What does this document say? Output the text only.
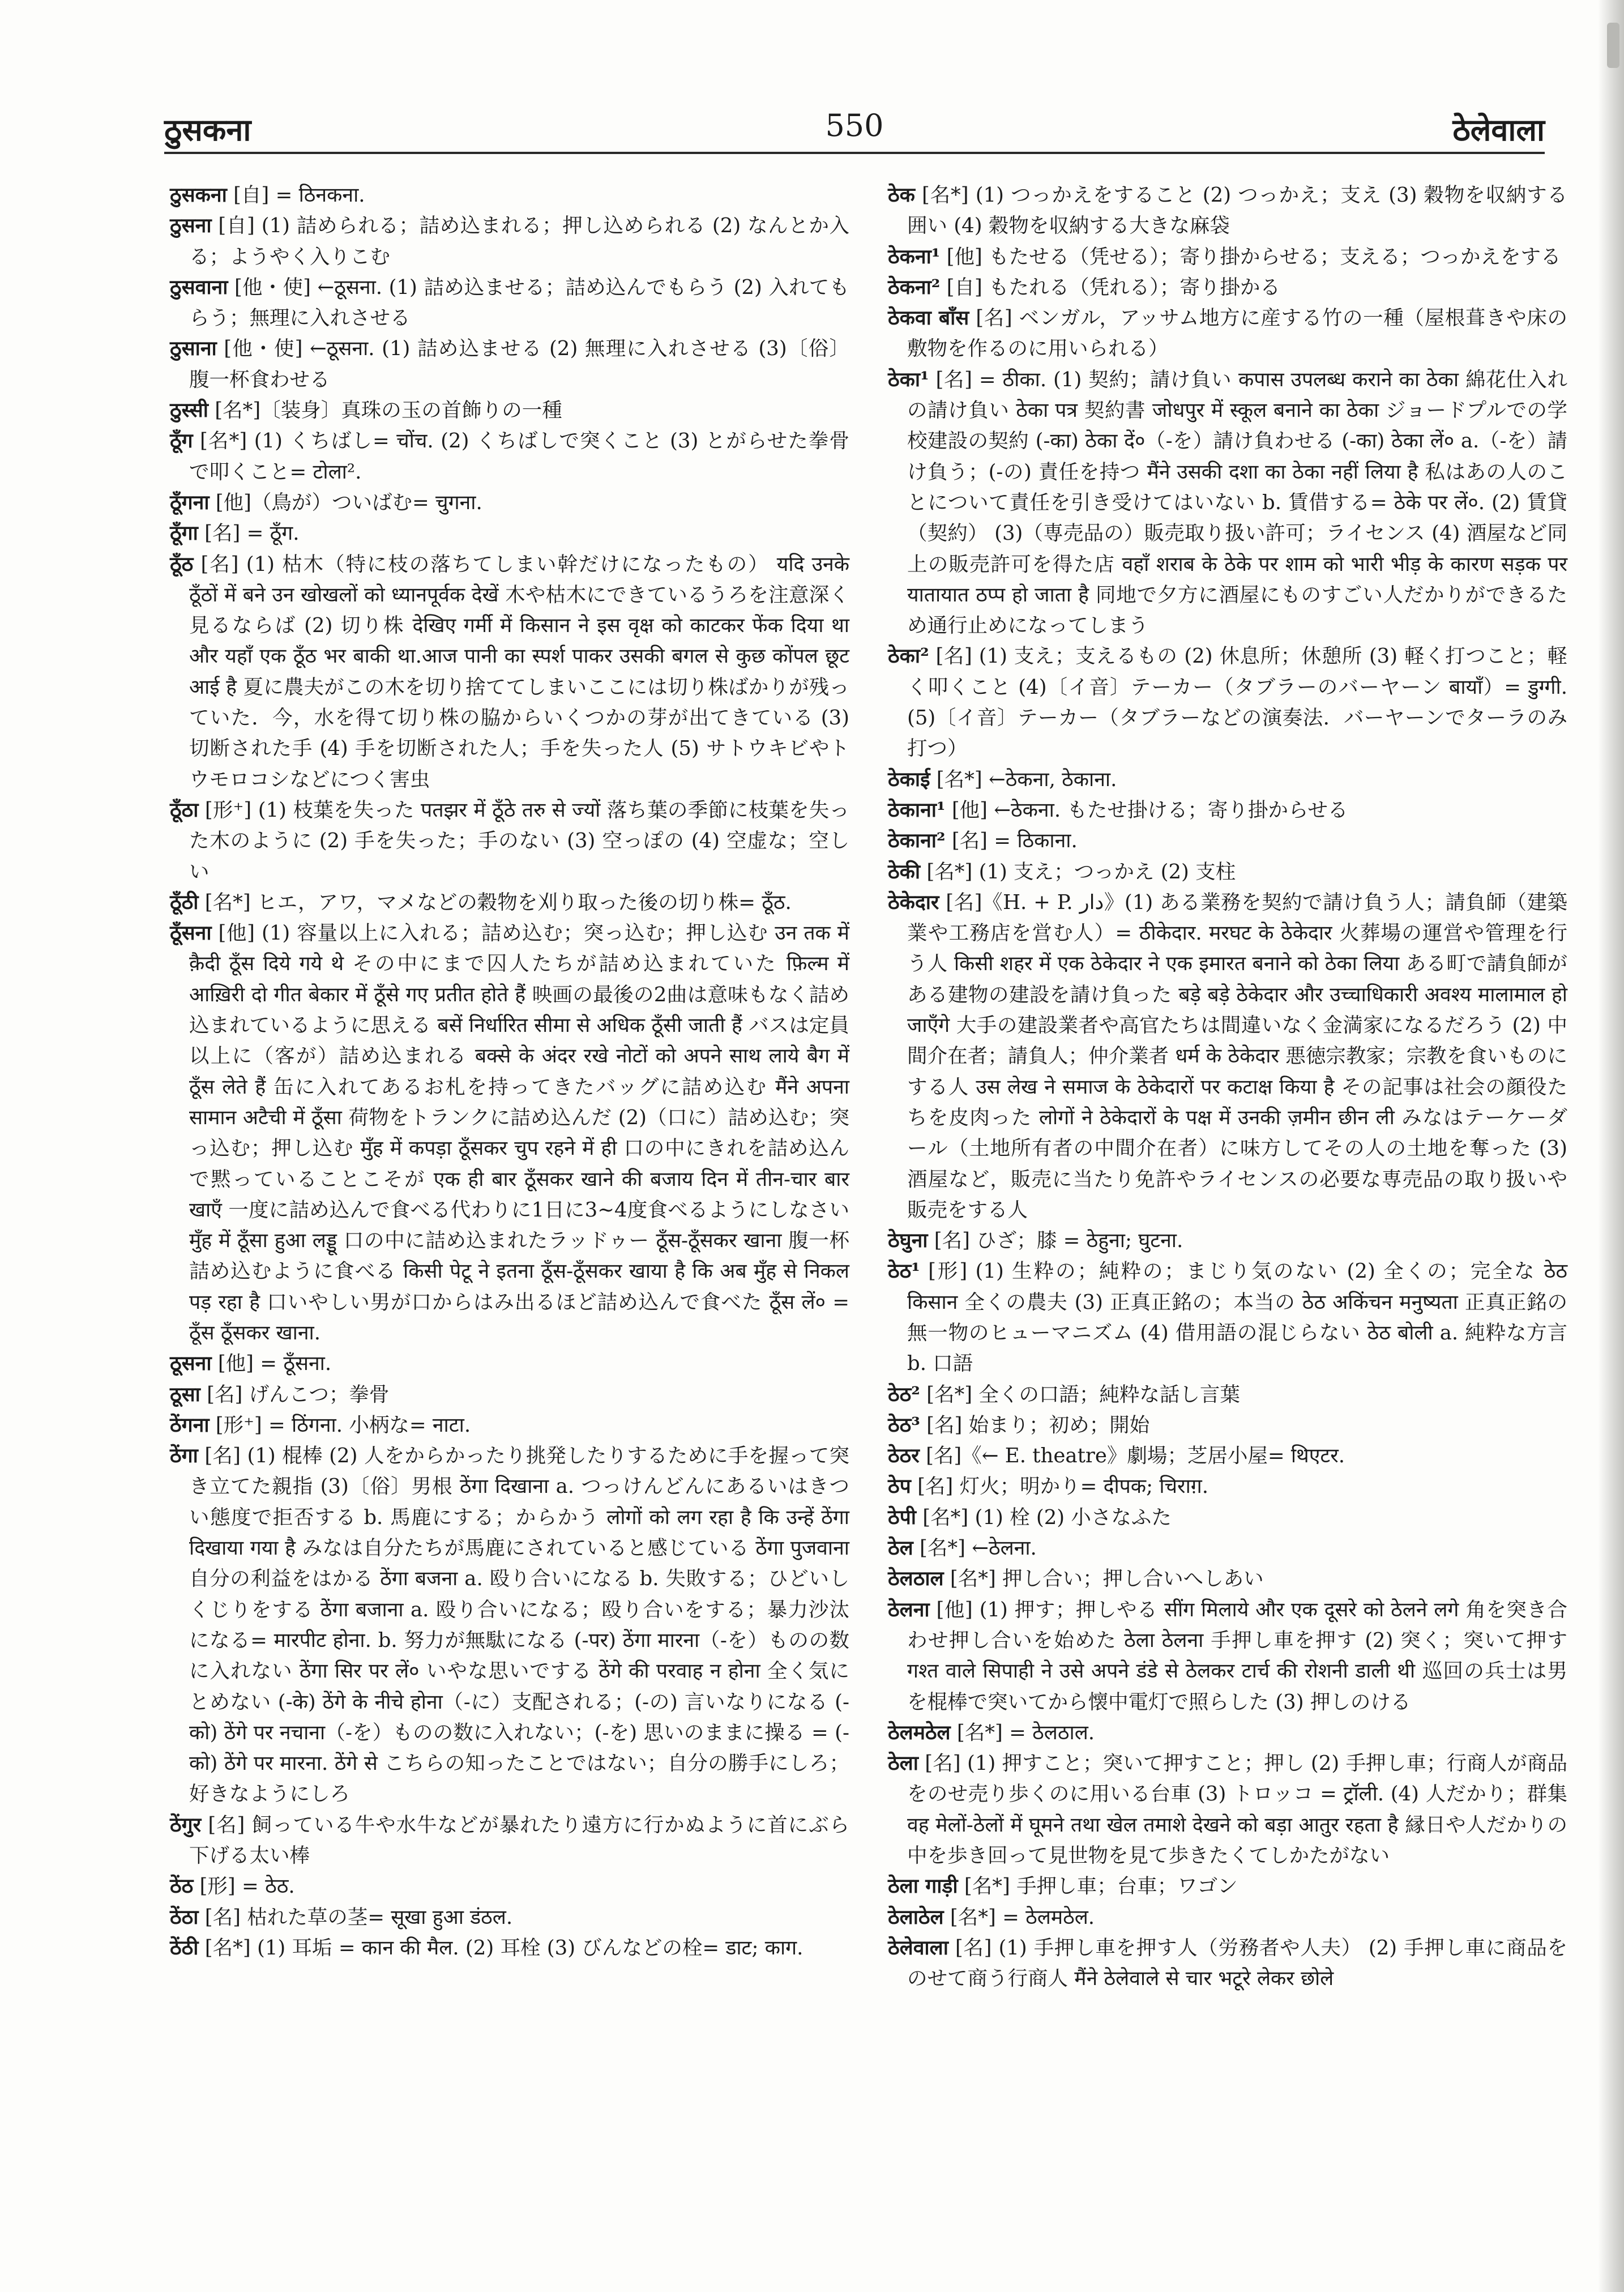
ठुसकना	550	ठेलेवाला

ठुसकना [自] = ठिनकना.

ठुसना [自] (1) 詰められる；詰め込まれる；押し込められる (2) なんとか入る；ようやく入りこむ

ठुसवाना [他・使] ←ठूसना. (1) 詰め込ませる；詰め込んでもらう (2) 入れてもらう；無理に入れさせる

ठुसाना [他・使] ←ठूसना. (1) 詰め込ませる (2) 無理に入れさせる (3)〔俗〕腹一杯食わせる

ठुस्सी [名*]〔装身〕真珠の玉の首飾りの一種

ठूँग [名*] (1) くちばし= चोंच. (2) くちばしで突くこと (3) とがらせた拳骨で叩くこと= टोला².

ठूँगना [他]（鳥が）ついばむ= चुगना.

ठूँगा [名] = ठूँग.

ठूँठ [名] (1) 枯木（特に枝の落ちてしまい幹だけになったもの） यदि उनके ठूँठों में बने उन खोखलों को ध्यानपूर्वक देखें 木や枯木にできているうろを注意深く見るならば (2) 切り株 देखिए गर्मी में किसान ने इस वृक्ष को काटकर फेंक दिया था और यहाँ एक ठूँठ भर बाकी था.आज पानी का स्पर्श पाकर उसकी बगल से कुछ कोंपल छूट आई है 夏に農夫がこの木を切り捨ててしまいここには切り株ばかりが残っていた．今，水を得て切り株の脇からいくつかの芽が出てきている (3) 切断された手 (4) 手を切断された人；手を失った人 (5) サトウキビやトウモロコシなどにつく害虫

ठूँठा [形⁺] (1) 枝葉を失った पतझर में ठूँठे तरु से ज्यों 落ち葉の季節に枝葉を失った木のように (2) 手を失った；手のない (3) 空っぽの (4) 空虚な；空しい

ठूँठी [名*] ヒエ，アワ，マメなどの穀物を刈り取った後の切り株= ठूँठ.

ठूँसना [他] (1) 容量以上に入れる；詰め込む；突っ込む；押し込む उन तक में क़ैदी ठूँस दिये गये थे その中にまで囚人たちが詰め込まれていた फ़िल्म में आख़िरी दो गीत बेकार में ठूँसे गए प्रतीत होते हैं 映画の最後の2曲は意味もなく詰め込まれているように思える बसें निर्धारित सीमा से अधिक ठूँसी जाती हैं バスは定員以上に（客が）詰め込まれる बक्से के अंदर रखे नोटों को अपने साथ लाये बैग में ठूँस लेते हैं 缶に入れてあるお札を持ってきたバッグに詰め込む मैंने अपना सामान अटैची में ठूँसा 荷物をトランクに詰め込んだ (2)（口に）詰め込む；突っ込む；押し込む मुँह में कपड़ा ठूँसकर चुप रहने में ही 口の中にきれを詰め込んで黙っていることこそが एक ही बार ठूँसकर खाने की बजाय दिन में तीन-चार बार खाएँ 一度に詰め込んで食べる代わりに1日に3~4度食べるようにしなさい मुँह में ठूँसा हुआ लड्डू 口の中に詰め込まれたラッドゥー ठूँस-ठूँसकर खाना 腹一杯詰め込むように食べる किसी पेटू ने इतना ठूँस-ठूँसकर खाया है कि अब मुँह से निकल पड़ रहा है 口いやしい男が口からはみ出るほど詰め込んで食べた ठूँस लें० = ठूँस ठूँसकर खाना.

ठूसना [他] = ठूँसना.

ठूसा [名] げんこつ；拳骨

ठेंगना [形⁺] = ठिंगना. 小柄な= नाटा.

ठेंगा [名] (1) 棍棒 (2) 人をからかったり挑発したりするために手を握って突き立てた親指 (3)〔俗〕男根 ठेंगा दिखाना a. つっけんどんにあるいはきつい態度で拒否する b. 馬鹿にする；からかう लोगों को लग रहा है कि उन्हें ठेंगा दिखाया गया है みなは自分たちが馬鹿にされていると感じている ठेंगा पुजवाना 自分の利益をはかる ठेंगा बजना a. 殴り合いになる b. 失敗する；ひどいしくじりをする ठेंगा बजाना a. 殴り合いになる；殴り合いをする；暴力沙汰になる= मारपीट होना. b. 努力が無駄になる (-पर) ठेंगा मारना（-を）ものの数に入れない ठेंगा सिर पर लें० いやな思いでする ठेंगे की परवाह न होना 全く気にとめない (-के) ठेंगे के नीचे होना（-に）支配される；(-の) 言いなりになる (-को) ठेंगे पर नचाना（-を）ものの数に入れない；(-を) 思いのままに操る = (-को) ठेंगे पर मारना. ठेंगे से こちらの知ったことではない；自分の勝手にしろ；好きなようにしろ

ठेंगुर [名] 飼っている牛や水牛などが暴れたり遠方に行かぬように首にぶら下げる太い棒

ठेंठ [形] = ठेठ.

ठेंठा [名] 枯れた草の茎= सूखा हुआ डंठल.

ठेंठी [名*] (1) 耳垢 = कान की मैल. (2) 耳栓 (3) びんなどの栓= डाट; काग.

ठेक [名*] (1) つっかえをすること (2) つっかえ；支え (3) 穀物を収納する囲い (4) 穀物を収納する大きな麻袋

ठेकना¹ [他] もたせる（凭せる）；寄り掛からせる；支える；つっかえをする

ठेकना² [自] もたれる（凭れる）；寄り掛かる

ठेकवा बाँस [名] ベンガル，アッサム地方に産する竹の一種（屋根葺きや床の敷物を作るのに用いられる）

ठेका¹ [名] = ठीका. (1) 契約；請け負い कपास उपलब्ध कराने का ठेका 綿花仕入れの請け負い ठेका पत्र 契約書 जोधपुर में स्कूल बनाने का ठेका ジョードプルでの学校建設の契約 (-का) ठेका दें०（-を）請け負わせる (-का) ठेका लें० a.（-を）請け負う；(-の) 責任を持つ मैंने उसकी दशा का ठेका नहीं लिया है 私はあの人のことについて責任を引き受けてはいない b. 賃借する= ठेके पर लें०. (2) 賃貸（契約） (3)（専売品の）販売取り扱い許可；ライセンス (4) 酒屋など同上の販売許可を得た店 वहाँ शराब के ठेके पर शाम को भारी भीड़ के कारण सड़क पर यातायात ठप्प हो जाता है 同地で夕方に酒屋にものすごい人だかりができるため通行止めになってしまう

ठेका² [名] (1) 支え；支えるもの (2) 休息所；休憩所 (3) 軽く打つこと；軽く叩くこと (4)〔イ音〕テーカー（タブラーのバーヤーン बायाँ）= डुग्गी. (5)〔イ音〕テーカー（タブラーなどの演奏法．バーヤーンでターラのみ打つ）

ठेकाई [名*] ←ठेकना, ठेकाना.

ठेकाना¹ [他] ←ठेकना. もたせ掛ける；寄り掛からせる

ठेकाना² [名] = ठिकाना.

ठेकी [名*] (1) 支え；つっかえ (2) 支柱

ठेकेदार [名]《H. + P. دار》(1) ある業務を契約で請け負う人；請負師（建築業や工務店を営む人）= ठीकेदार. मरघट के ठेकेदार 火葬場の運営や管理を行う人 किसी शहर में एक ठेकेदार ने एक इमारत बनाने को ठेका लिया ある町で請負師がある建物の建設を請け負った बड़े बड़े ठेकेदार और उच्चाधिकारी अवश्य मालामाल हो जाएँगे 大手の建設業者や高官たちは間違いなく金満家になるだろう (2) 中間介在者；請負人；仲介業者 धर्म के ठेकेदार 悪徳宗教家；宗教を食いものにする人 उस लेख ने समाज के ठेकेदारों पर कटाक्ष किया है その記事は社会の顔役たちを皮肉った लोगों ने ठेकेदारों के पक्ष में उनकी ज़मीन छीन ली みなはテーケーダール（土地所有者の中間介在者）に味方してその人の土地を奪った (3) 酒屋など，販売に当たり免許やライセンスの必要な専売品の取り扱いや販売をする人

ठेघुना [名] ひざ；膝 = ठेहुना; घुटना.

ठेठ¹ [形] (1) 生粋の；純粋の；まじり気のない (2) 全くの；完全な ठेठ किसान 全くの農夫 (3) 正真正銘の；本当の ठेठ अकिंचन मनुष्यता 正真正銘の無一物のヒューマニズム (4) 借用語の混じらない ठेठ बोली a. 純粋な方言 b. 口語

ठेठ² [名*] 全くの口語；純粋な話し言葉

ठेठ³ [名] 始まり；初め；開始

ठेठर [名]《← E. theatre》劇場；芝居小屋= थिएटर.

ठेप [名] 灯火；明かり= दीपक; चिराग़.

ठेपी [名*] (1) 栓 (2) 小さなふた

ठेल [名*] ←ठेलना.

ठेलठाल [名*] 押し合い；押し合いへしあい

ठेलना [他] (1) 押す；押しやる सींग मिलाये और एक दूसरे को ठेलने लगे 角を突き合わせ押し合いを始めた ठेला ठेलना 手押し車を押す (2) 突く；突いて押す गश्त वाले सिपाही ने उसे अपने डंडे से ठेलकर टार्च की रोशनी डाली थी 巡回の兵士は男を棍棒で突いてから懐中電灯で照らした (3) 押しのける

ठेलमठेल [名*] = ठेलठाल.

ठेला [名] (1) 押すこと；突いて押すこと；押し (2) 手押し車；行商人が商品をのせ売り歩くのに用いる台車 (3) トロッコ = ट्रॉली. (4) 人だかり；群集 वह मेलों-ठेलों में घूमने तथा खेल तमाशे देखने को बड़ा आतुर रहता है 縁日や人だかりの中を歩き回って見世物を見て歩きたくてしかたがない

ठेला गाड़ी [名*] 手押し車；台車；ワゴン

ठेलाठेल [名*] = ठेलमठेल.

ठेलेवाला [名] (1) 手押し車を押す人（労務者や人夫） (2) 手押し車に商品をのせて商う行商人 मैंने ठेलेवाले से चार भटूरे लेकर छोले
